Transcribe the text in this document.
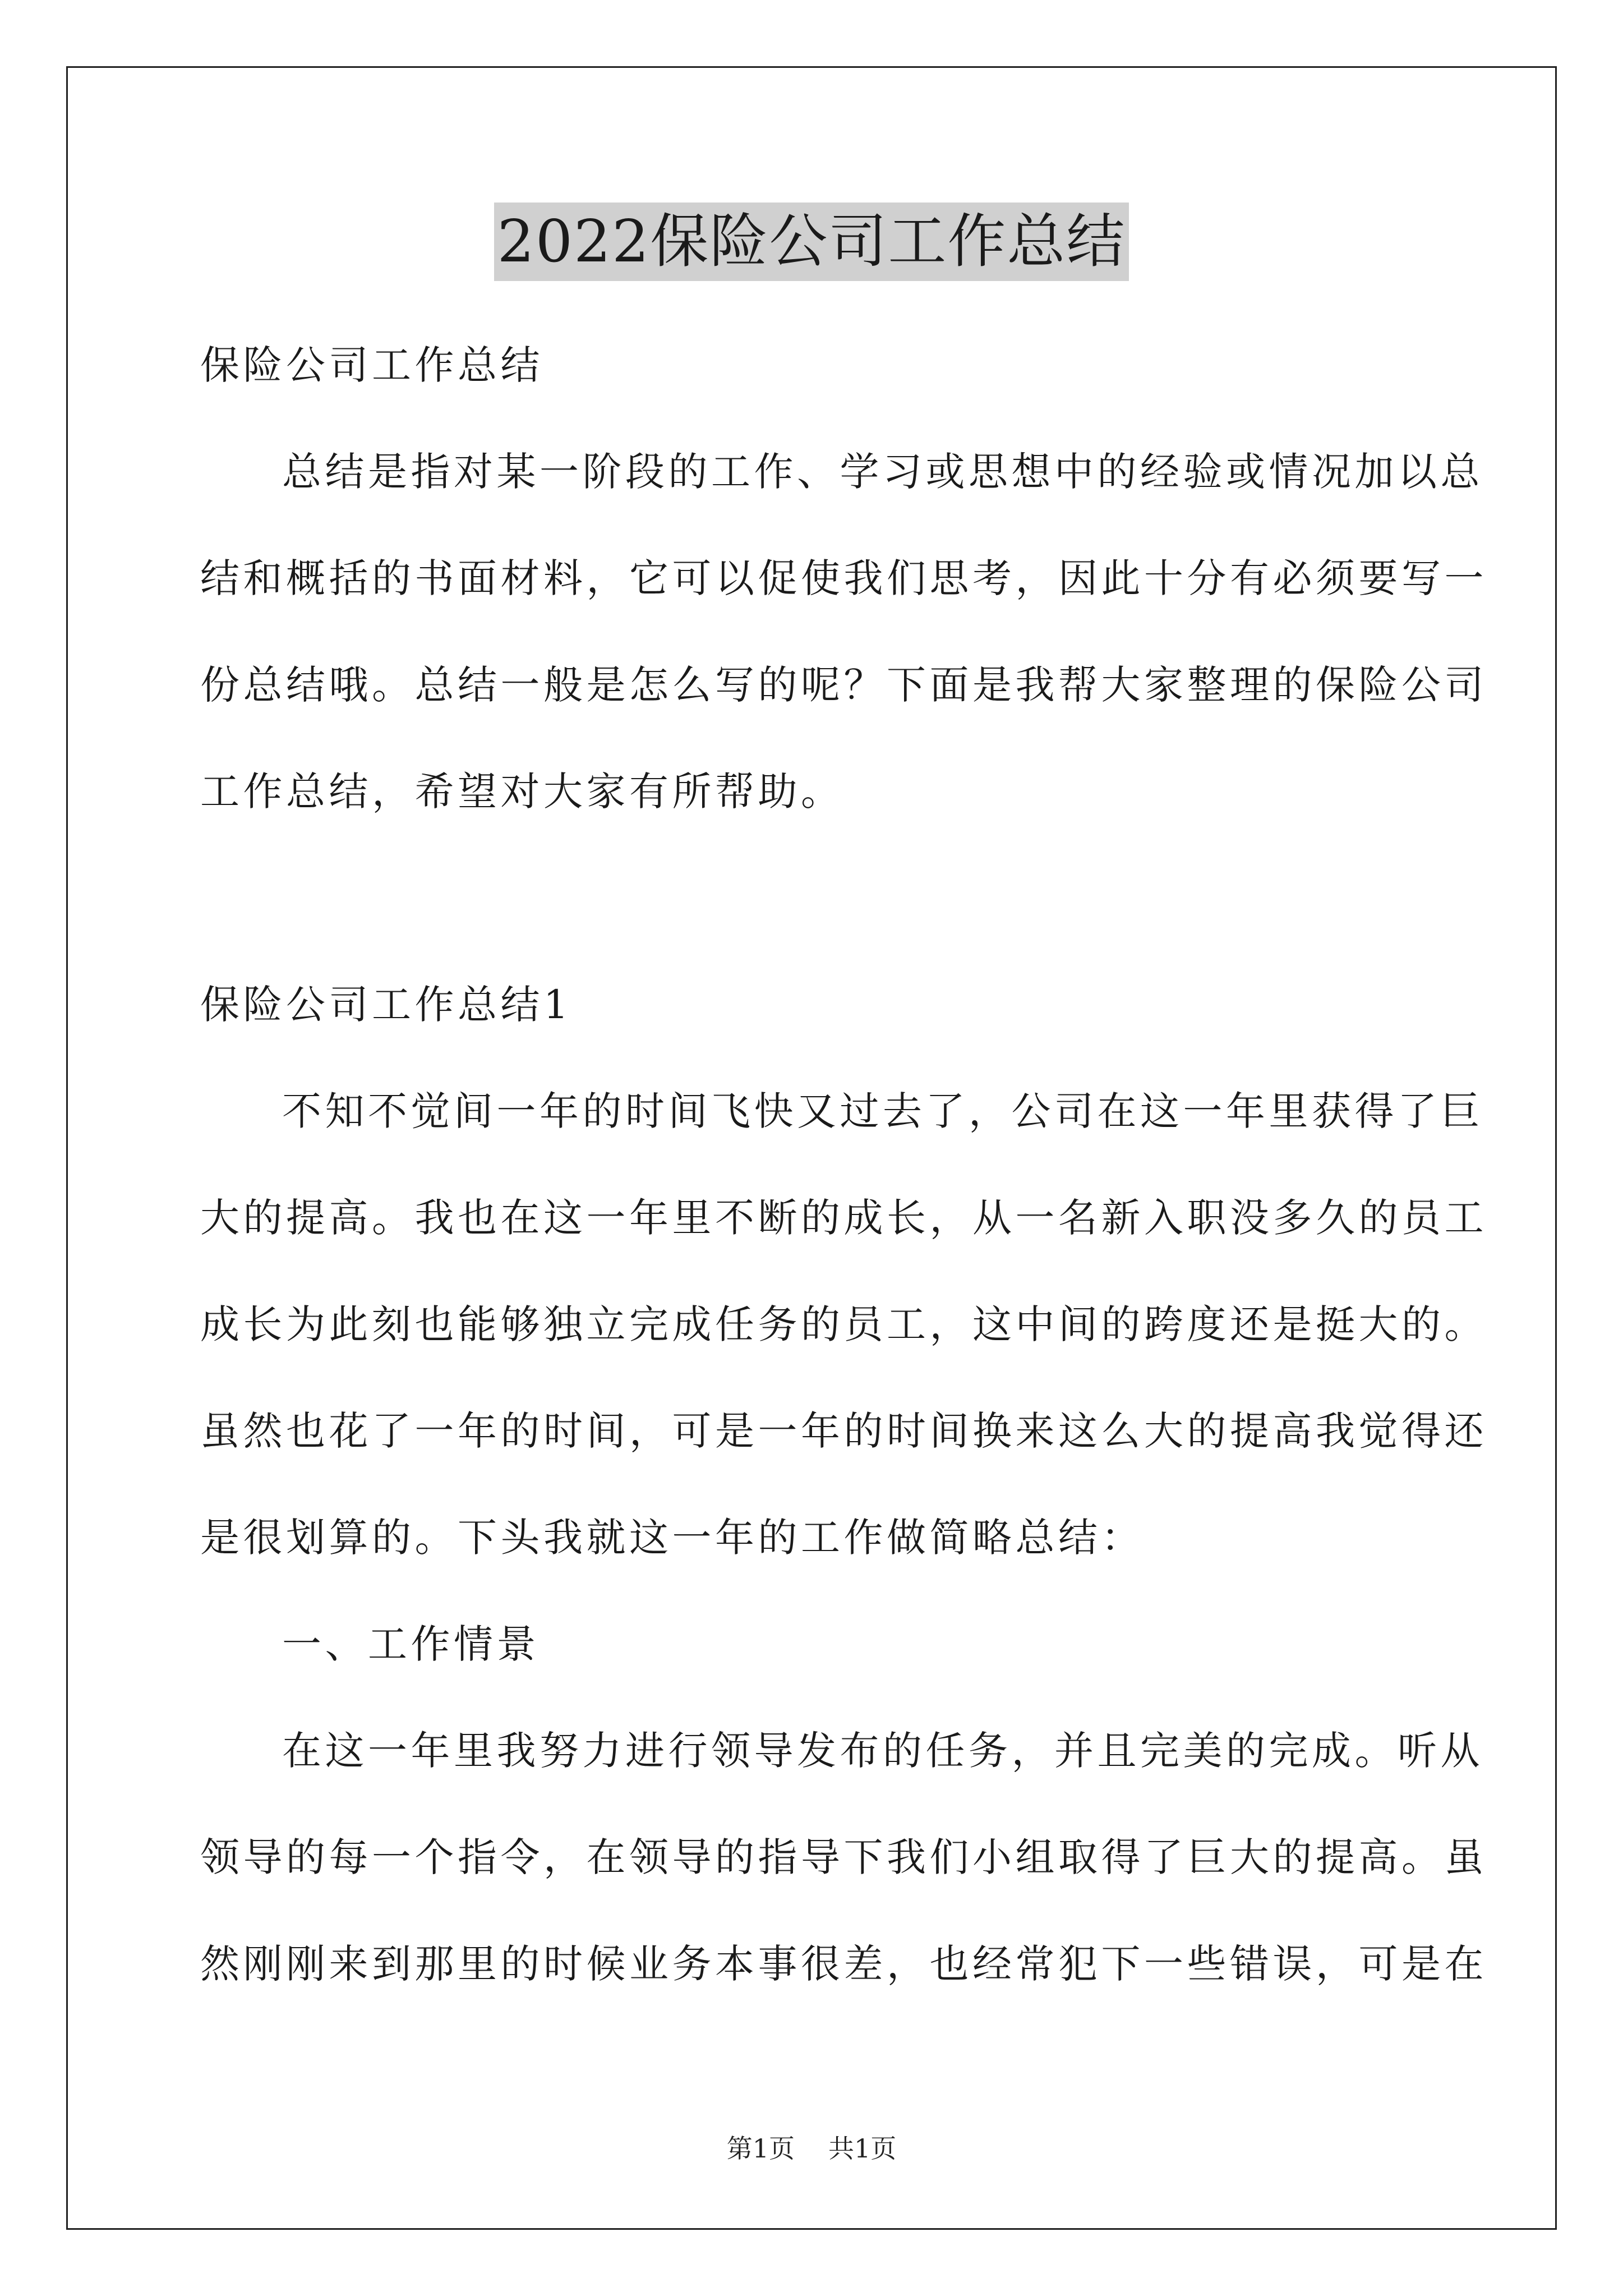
2022保险公司工作总结
保险公司工作总结
总结是指对某一阶段的工作、学习或思想中的经验或情况加以总
结和概括的书面材料，它可以促使我们思考，因此十分有必须要写一
份总结哦。总结一般是怎么写的呢？下面是我帮大家整理的保险公司
工作总结，希望对大家有所帮助。
保险公司工作总结1
不知不觉间一年的时间飞快又过去了，公司在这一年里获得了巨
大的提高。我也在这一年里不断的成长，从一名新入职没多久的员工
成长为此刻也能够独立完成任务的员工，这中间的跨度还是挺大的。
虽然也花了一年的时间，可是一年的时间换来这么大的提高我觉得还
是很划算的。下头我就这一年的工作做简略总结：
一、工作情景
在这一年里我努力进行领导发布的任务，并且完美的完成。听从
领导的每一个指令，在领导的指导下我们小组取得了巨大的提高。虽
然刚刚来到那里的时候业务本事很差，也经常犯下一些错误，可是在
第1页 共1页
